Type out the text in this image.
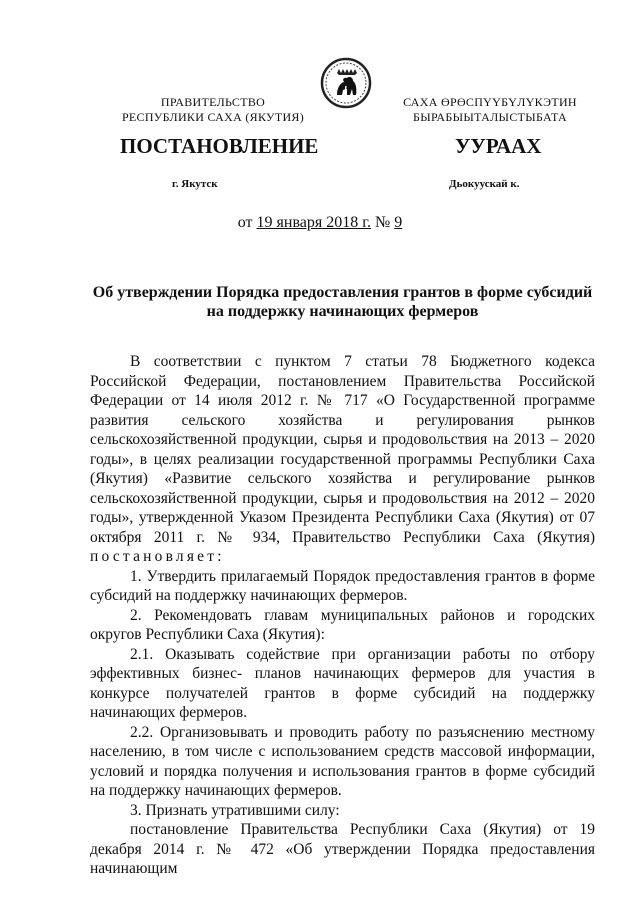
ПРАВИТЕЛЬСТВО
РЕСПУБЛИКИ САХА (ЯКУТИЯ)
САХА ӨРӨСПҮҮБҮЛҮКЭТИН
БЫРАБЫЫТАЛЫСТЫБАТА
ПОСТАНОВЛЕНИЕ	УУРААХ
г. Якутск	Дьокуускай к.
от 19 января 2018 г. № 9
Об утверждении Порядка предоставления грантов в форме субсидий
на поддержку начинающих фермеров

В соответствии с пунктом 7 статьи 78 Бюджетного кодекса Российской Федерации, постановлением Правительства Российской Федерации от 14 июля 2012 г. № 717 «О Государственной программе развития сельского хозяйства и регулирования рынков сельскохозяйственной продукции, сырья и продовольствия на 2013 – 2020 годы», в целях реализации государственной программы Республики Саха (Якутия) «Развитие сельского хозяйства и регулирование рынков сельскохозяйственной продукции, сырья и продовольствия на 2012 – 2020 годы», утвержденной Указом Президента Республики Саха (Якутия) от 07 октября 2011 г. № 934, Правительство Республики Саха (Якутия) постановляет:

1. Утвердить прилагаемый Порядок предоставления грантов в форме субсидий на поддержку начинающих фермеров.

2. Рекомендовать главам муниципальных районов и городских округов Республики Саха (Якутия):

2.1. Оказывать содействие при организации работы по отбору эффективных бизнес- планов начинающих фермеров для участия в конкурсе получателей грантов в форме субсидий на поддержку начинающих фермеров.

2.2. Организовывать и проводить работу по разъяснению местному населению, в том числе с использованием средств массовой информации, условий и порядка получения и использования грантов в форме субсидий на поддержку начинающих фермеров.

3. Признать утратившими силу:

постановление Правительства Республики Саха (Якутия) от 19 декабря 2014 г. № 472 «Об утверждении Порядка предоставления начинающим
